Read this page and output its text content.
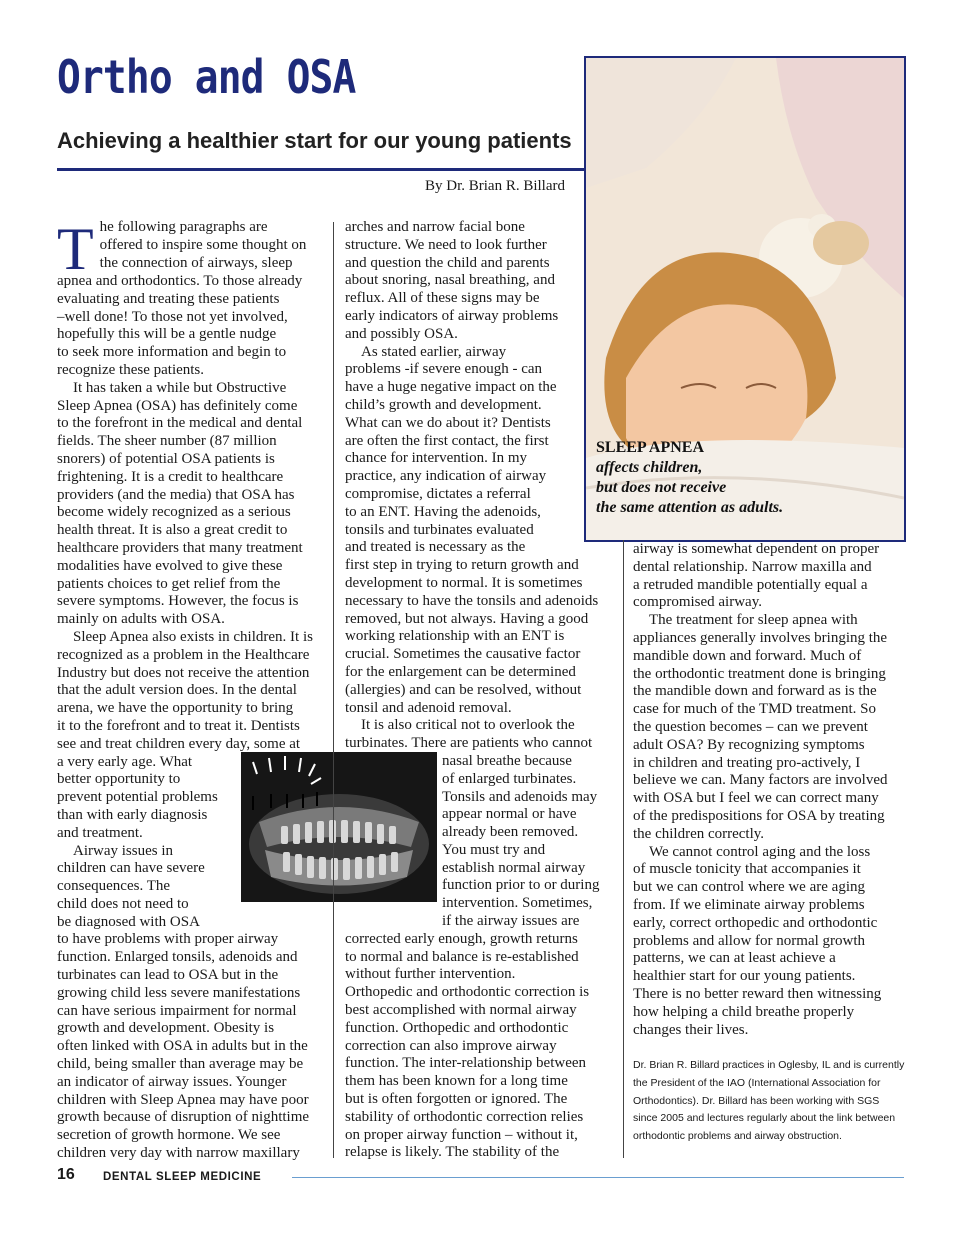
Ortho and OSA
Achieving a healthier start for our young patients
By Dr. Brian R. Billard
SLEEP APNEA
affects children,
but does not receive
the same attention as adults.

T he following paragraphs are
offered to inspire some thought on
the connection of airways, sleep
apnea and orthodontics. To those already
evaluating and treating these patients
–well done! To those not yet involved,
hopefully this will be a gentle nudge
to seek more information and begin to
recognize these patients.

It has taken a while but Obstructive
Sleep Apnea (OSA) has definitely come
to the forefront in the medical and dental
fields. The sheer number (87 million
snorers) of potential OSA patients is
frightening. It is a credit to healthcare
providers (and the media) that OSA has
become widely recognized as a serious
health threat. It is also a great credit to
healthcare providers that many treatment
modalities have evolved to give these
patients choices to get relief from the
severe symptoms. However, the focus is
mainly on adults with OSA.
Sleep Apnea also exists in children. It is
recognized as a problem in the Healthcare
Industry but does not receive the attention
that the adult version does. In the dental
arena, we have the opportunity to bring
it to the forefront and to treat it. Dentists
see and treat children every day, some at
a very early age. What
better opportunity to
prevent potential problems
than with early diagnosis
and treatment.
Airway issues in
children can have severe
consequences. The
child does not need to
be diagnosed with OSA
to have problems with proper airway
function. Enlarged tonsils, adenoids and
turbinates can lead to OSA but in the
growing child less severe manifestations
can have serious impairment for normal
growth and development. Obesity is
often linked with OSA in adults but in the
child, being smaller than average may be
an indicator of airway issues. Younger
children with Sleep Apnea may have poor
growth because of disruption of nighttime
secretion of growth hormone. We see
children very day with narrow maxillary
arches and narrow facial bone
structure. We need to look further
and question the child and parents
about snoring, nasal breathing, and
reflux. All of these signs may be
early indicators of airway problems
and possibly OSA.
As stated earlier, airway
problems -if severe enough - can
have a huge negative impact on the
child’s growth and development.
What can we do about it? Dentists
are often the first contact, the first
chance for intervention. In my
practice, any indication of airway
compromise, dictates a referral
to an ENT. Having the adenoids,
tonsils and turbinates evaluated
and treated is necessary as the
first step in trying to return growth and
development to normal. It is sometimes
necessary to have the tonsils and adenoids
removed, but not always. Having a good
working relationship with an ENT is
crucial. Sometimes the causative factor
for the enlargement can be determined
(allergies) and can be resolved, without
tonsil and adenoid removal.
It is also critical not to overlook the
turbinates. There are patients who cannot
nasal breathe because
of enlarged turbinates.
Tonsils and adenoids may
appear normal or have
already been removed.
You must try and
establish normal airway
function prior to or during
intervention. Sometimes,
if the airway issues are
corrected early enough, growth returns
to normal and balance is re-established
without further intervention.
Orthopedic and orthodontic correction is
best accomplished with normal airway
function. Orthopedic and orthodontic
correction can also improve airway
function. The inter-relationship between
them has been known for a long time
but is often forgotten or ignored. The
stability of orthodontic correction relies
on proper airway function – without it,
relapse is likely. The stability of the
airway is somewhat dependent on proper
dental relationship. Narrow maxilla and
a retruded mandible potentially equal a
compromised airway.
The treatment for sleep apnea with
appliances generally involves bringing the
mandible down and forward. Much of
the orthodontic treatment done is bringing
the mandible down and forward as is the
case for much of the TMD treatment. So
the question becomes – can we prevent
adult OSA? By recognizing symptoms
in children and treating pro-actively, I
believe we can. Many factors are involved
with OSA but I feel we can correct many
of the predispositions for OSA by treating
the children correctly.
We cannot control aging and the loss
of muscle tonicity that accompanies it
but we can control where we are aging
from. If we eliminate airway problems
early, correct orthopedic and orthodontic
problems and allow for normal growth
patterns, we can at least achieve a
healthier start for our young patients.
There is no better reward then witnessing
how helping a child breathe properly
changes their lives.
Dr. Brian R. Billard practices in Oglesby, IL and is currently
the President of the IAO (International Association for
Orthodontics). Dr. Billard has been working with SGS
since 2005 and lectures regularly about the link between
orthodontic problems and airway obstruction.
16 DENTAL SLEEP MEDICINE
